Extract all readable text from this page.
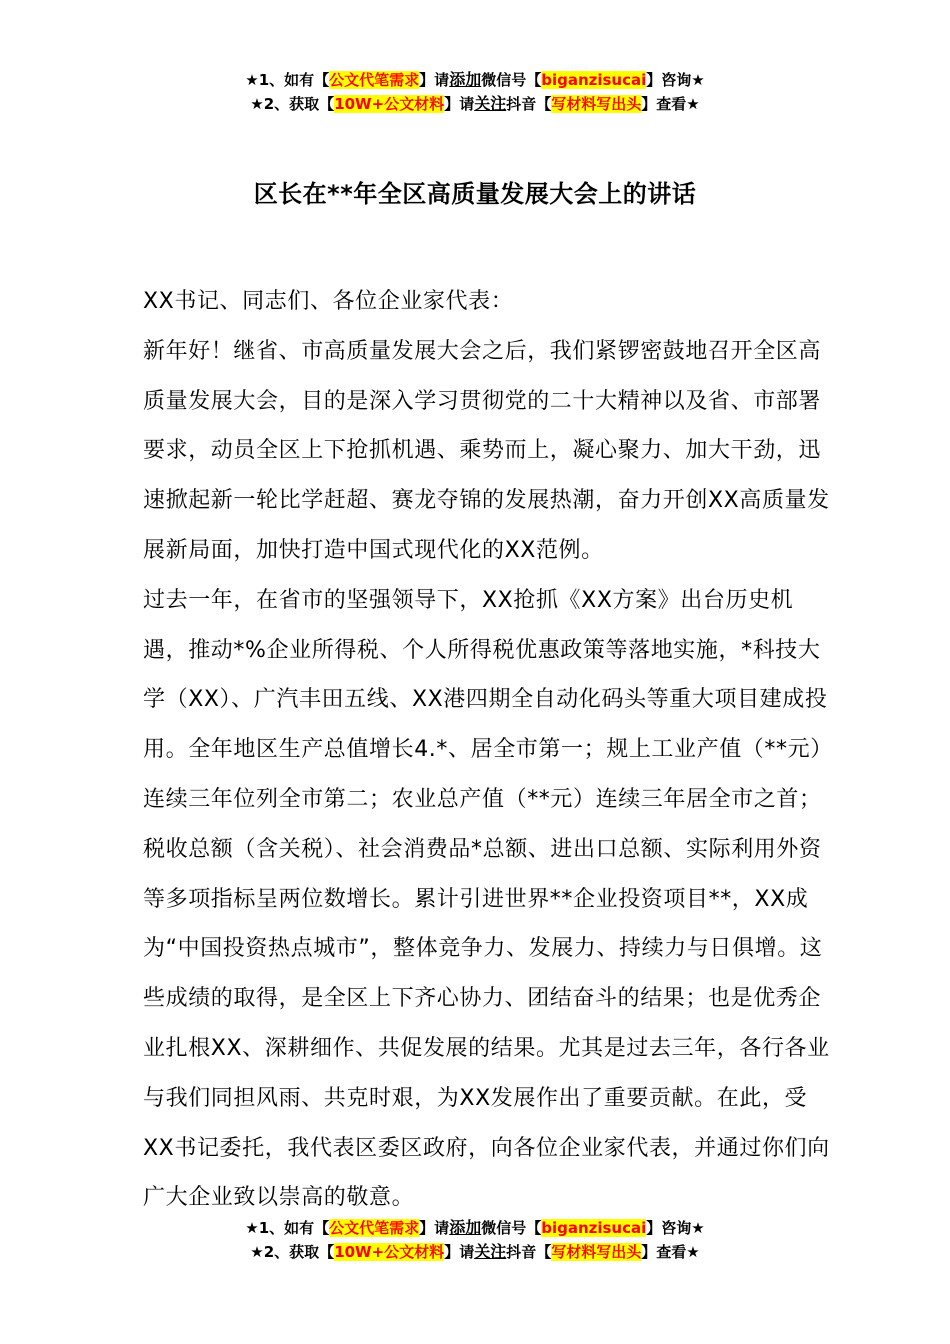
★1、如有【公文代笔需求】请添加微信号【biganzisucai】咨询★
★2、获取【10W+公文材料】请关注抖音【写材料写出头】查看★
区长在**年全区高质量发展大会上的讲话

XX书记、同志们、各位企业家代表：

新年好！继省、市高质量发展大会之后，我们紧锣密鼓地召开全区高质量发展大会，目的是深入学习贯彻党的二十大精神以及省、市部署要求，动员全区上下抢抓机遇、乘势而上，凝心聚力、加大干劲，迅速掀起新一轮比学赶超、赛龙夺锦的发展热潮，奋力开创XX高质量发展新局面，加快打造中国式现代化的XX范例。

过去一年，在省市的坚强领导下，XX抢抓《XX方案》出台历史机遇，推动*%企业所得税、个人所得税优惠政策等落地实施，*科技大学（XX）、广汽丰田五线、XX港四期全自动化码头等重大项目建成投用。全年地区生产总值增长4.*、居全市第一；规上工业产值（**元）连续三年位列全市第二；农业总产值（**元）连续三年居全市之首；税收总额（含关税）、社会消费品*总额、进出口总额、实际利用外资等多项指标呈两位数增长。累计引进世界**企业投资项目**，XX成为“中国投资热点城市”，整体竞争力、发展力、持续力与日俱增。这些成绩的取得，是全区上下齐心协力、团结奋斗的结果；也是优秀企业扎根XX、深耕细作、共促发展的结果。尤其是过去三年，各行各业与我们同担风雨、共克时艰，为XX发展作出了重要贡献。在此，受XX书记委托，我代表区委区政府，向各位企业家代表，并通过你们向广大企业致以崇高的敬意。

★1、如有【公文代笔需求】请添加微信号【biganzisucai】咨询★
★2、获取【10W+公文材料】请关注抖音【写材料写出头】查看★
